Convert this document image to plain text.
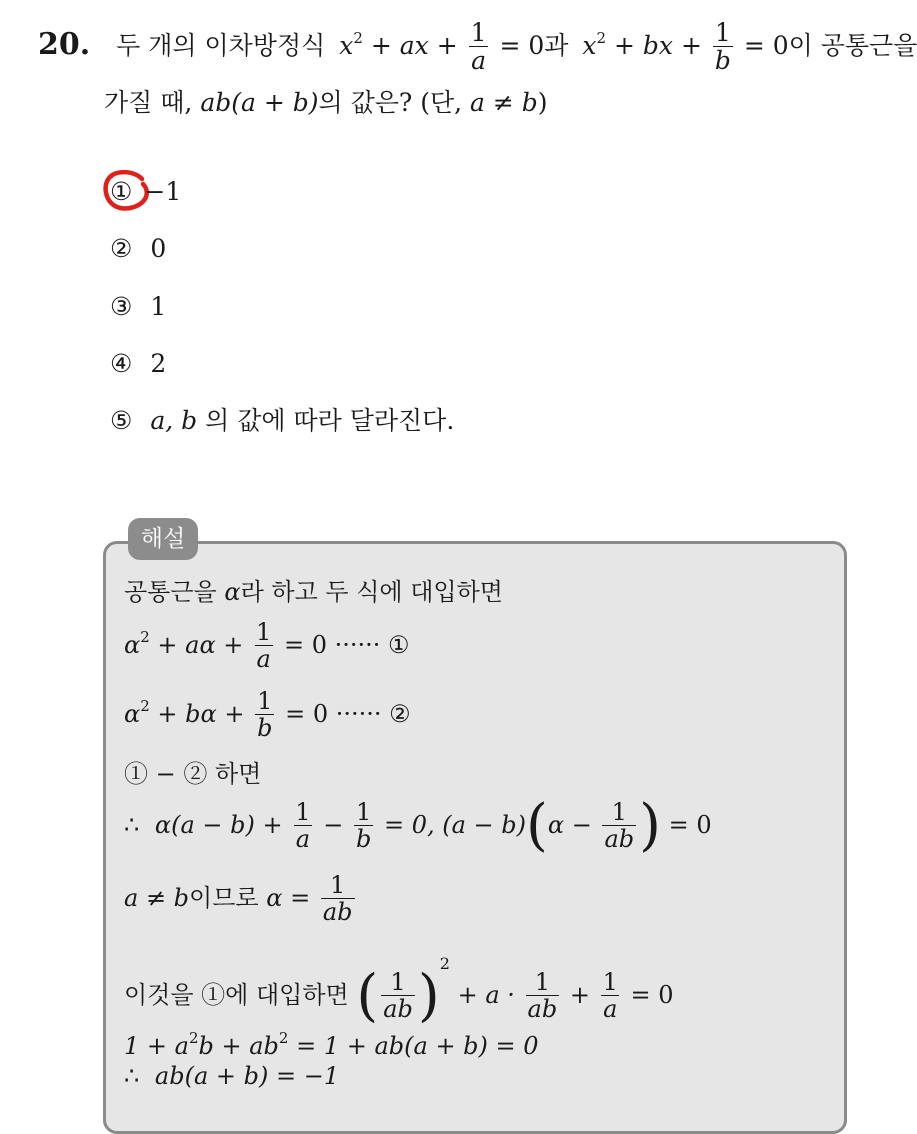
20. 두 개의 이차방정식 $x^2$ + ax + $\frac{1}{a} = 0$과 $x^2$ + bx + $\frac{1}{b} = 0$이 공통근을
가질 때, ab(a + b)의 값은? (단, a ≠ b)
① −1
② 0
③ 1
④ 2
⑤ a, b 의 값에 따라 달라진다.
해설
공통근을 α라 하고 두 식에 대입하면
$\alpha^2 + a\alpha + \frac{1}{a} = 0$ ······ ①
$\alpha^2 + b\alpha + \frac{1}{b} = 0$ ······ ②
① − ② 하면
∴ $\alpha(a - b) + \frac{1}{a} - \frac{1}{b} = 0$, $(a - b)(\alpha - \frac{1}{ab}$ ) = 0
a ≠ b이므로 $\alpha = \frac{1}{ab}$
이것을 ①에 대입하면 ( $\frac{1}{ab} )^2 + a \cdot \frac{1}{ab} + \frac{1}{a} = 0$
$1 + a^2b + ab^2 = 1 + ab(a + b) = 0$
∴ ab(a + b) = −1
